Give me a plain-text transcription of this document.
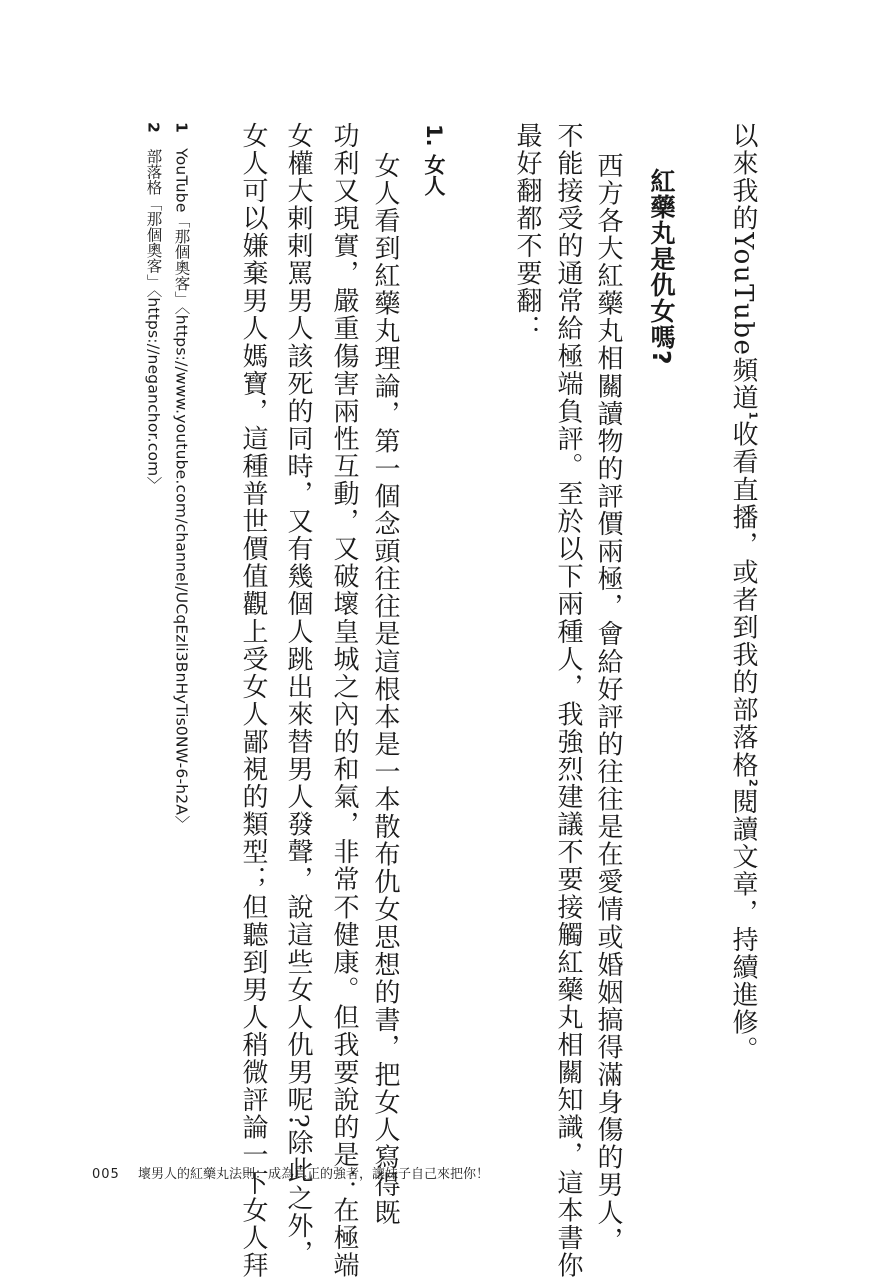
以來我的YouTube頻道$^1$收看直播，或者到我的部落格$^2$閱讀文章，持續進修。
紅藥丸是仇女嗎?
西方各大紅藥丸相關讀物的評價兩極，會給好評的往往是在愛情或婚姻搞得滿身傷的男人，
不能接受的通常給極端負評。至於以下兩種人，我強烈建議不要接觸紅藥丸相關知識，這本書你
最好翻都不要翻：
1. 女人
女人看到紅藥丸理論，第一個念頭往往是這根本是一本散布仇女思想的書，把女人寫得既
功利又現實，嚴重傷害兩性互動，又破壞皇城之內的和氣，非常不健康。但我要說的是：在極端
女權大剌剌罵男人該死的同時，又有幾個人跳出來替男人發聲，說這些女人仇男呢?除此之外，
女人可以嫌棄男人媽寶，這種普世價值觀上受女人鄙視的類型；但聽到男人稍微評論一下女人拜
1 YouTube「那個奧客」〈https://www.youtube.com/channel/UCqEzli3BnHyTis0NW-6-h2A〉
2 部落格「那個奧客」〈https://neganchor.com〉
005 壞男人的紅藥丸法則：成為真正的強者，讓妹子自己來把你！
